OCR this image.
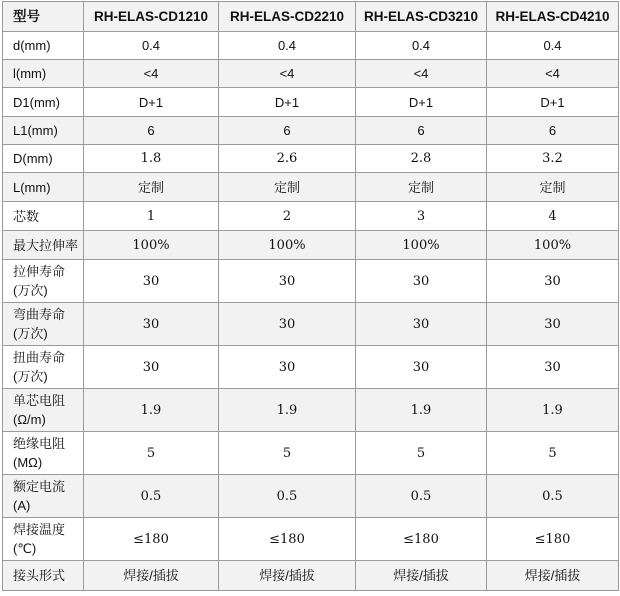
型号	RH-ELAS-CD1210	RH-ELAS-CD2210	RH-ELAS-CD3210	RH-ELAS-CD4210
d(mm)	0.4	0.4	0.4	0.4
l(mm)	<4	<4	<4	<4
D1(mm)	D+1	D+1	D+1	D+1
L1(mm)	6	6	6	6
D(mm)	1.8	2.6	2.8	3.2
L(mm)	定制	定制	定制	定制
芯数	1	2	3	4
最大拉伸率	100%	100%	100%	100%
拉伸寿命
(万次)	30	30	30	30
弯曲寿命
(万次)	30	30	30	30
扭曲寿命
(万次)	30	30	30	30
单芯电阻
(Ω/m)	1.9	1.9	1.9	1.9
绝缘电阻
(MΩ)	5	5	5	5
额定电流
(A)	0.5	0.5	0.5	0.5
焊接温度
(℃)	≤180	≤180	≤180	≤180
接头形式	焊接/插拔	焊接/插拔	焊接/插拔	焊接/插拔
